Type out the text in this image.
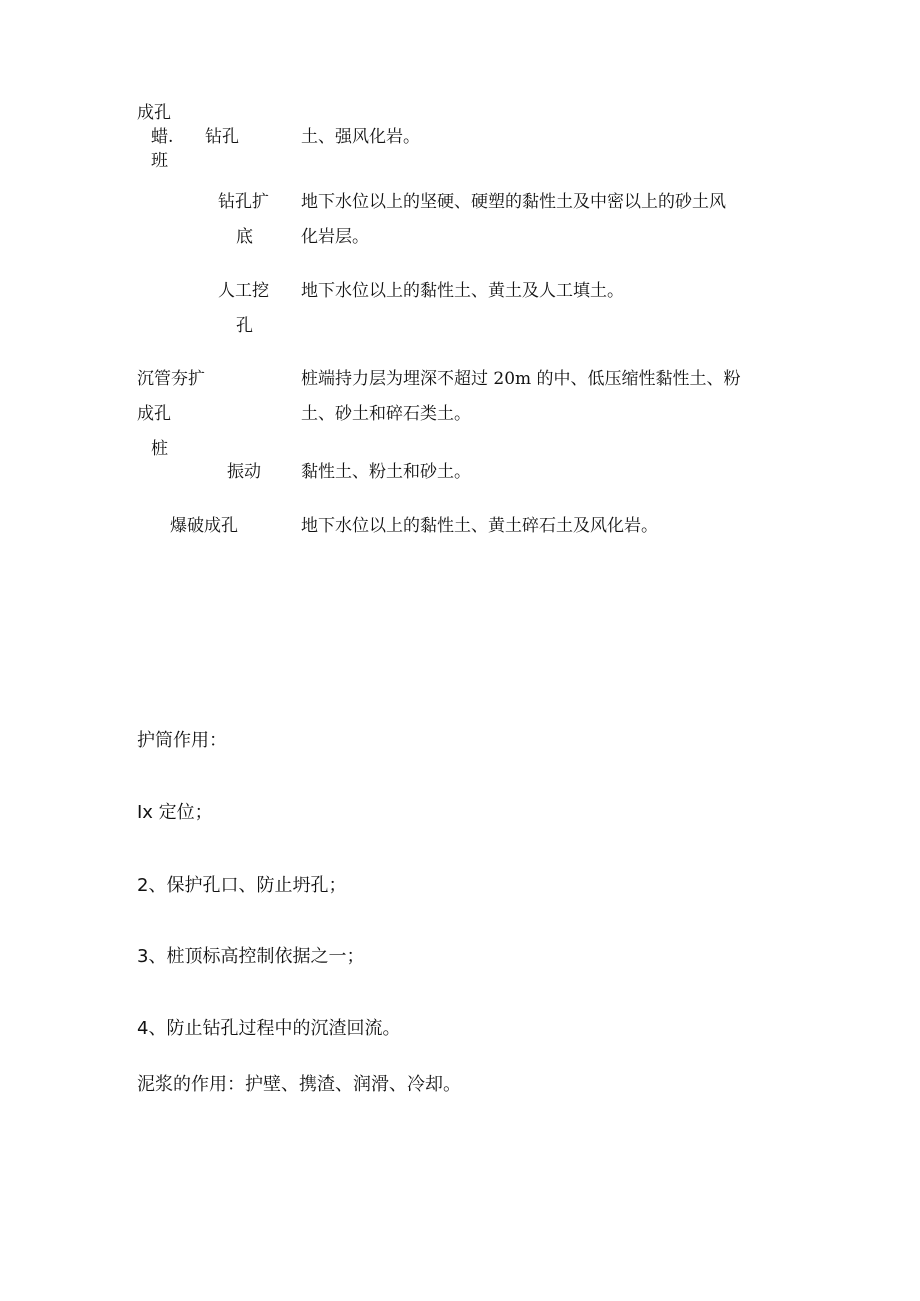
成孔
蜡.
班
钻孔	土、强风化岩。
钻孔扩
底
地下水位以上的坚硬、硬塑的黏性土及中密以上的砂土风
化岩层。
人工挖
孔
地下水位以上的黏性土、黄土及人工填土。
沉管夯扩
成孔
桩
桩端持力层为埋深不超过 20m 的中、低压缩性黏性土、粉
土、砂土和碎石类土。
振动 黏性土、粉土和砂土。
爆破成孔	地下水位以上的黏性土、黄土碎石土及风化岩。
护筒作用：
Ix 定位；
2、保护孔口、防止坍孔；
3、桩顶标高控制依据之一；
4、防止钻孔过程中的沉渣回流。
泥浆的作用：护壁、携渣、润滑、冷却。
